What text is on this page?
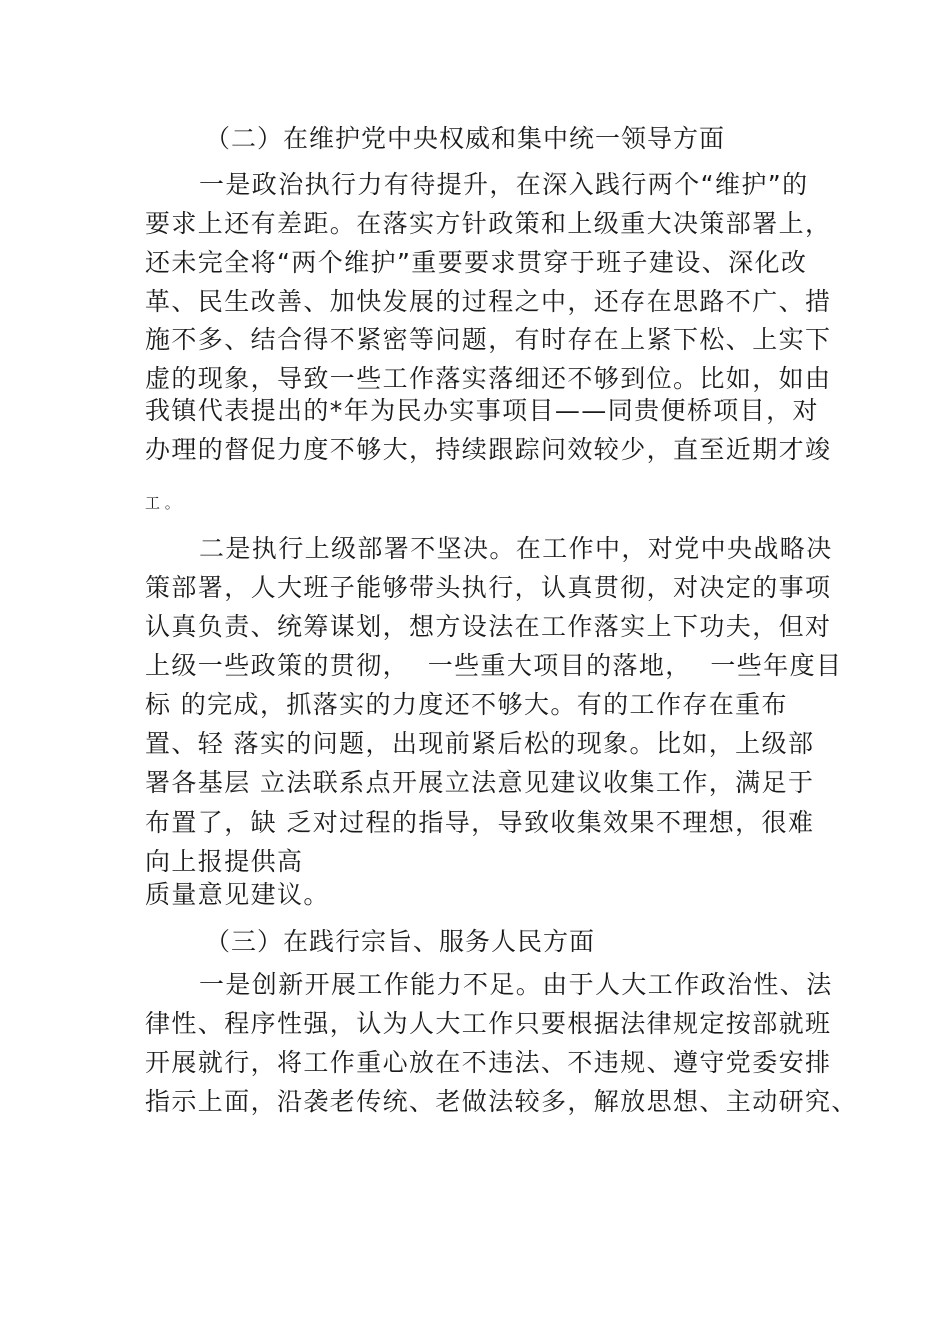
（二）在维护党中央权威和集中统一领导方面
一是政治执行力有待提升，在深入践行两个“维护”的
要求上还有差距。在落实方针政策和上级重大决策部署上，
还未完全将“两个维护”重要要求贯穿于班子建设、深化改
革、民生改善、加快发展的过程之中，还存在思路不广、措
施不多、结合得不紧密等问题，有时存在上紧下松、上实下
虚的现象，导致一些工作落实落细还不够到位。比如，如由
我镇代表提出的*年为民办实事项目——同贵便桥项目，对
办理的督促力度不够大，持续跟踪问效较少，直至近期才竣
工 。
二是执行上级部署不坚决。在工作中，对党中央战略决
策部署，人大班子能够带头执行，认真贯彻，对决定的事项
认真负责、统筹谋划，想方设法在工作落实上下功夫，但对
上级一些政策的贯彻，  一些重大项目的落地，  一些年度目
标 的完成，抓落实的力度还不够大。有的工作存在重布
置、轻 落实的问题，出现前紧后松的现象。比如，上级部
署各基层 立法联系点开展立法意见建议收集工作，满足于
布置了，缺 乏对过程的指导，导致收集效果不理想，很难
向上报提供高
质量意见建议。
（三）在践行宗旨、服务人民方面
一是创新开展工作能力不足。由于人大工作政治性、法
律性、程序性强，认为人大工作只要根据法律规定按部就班
开展就行，将工作重心放在不违法、不违规、遵守党委安排
指示上面，沿袭老传统、老做法较多，解放思想、主动研究、
